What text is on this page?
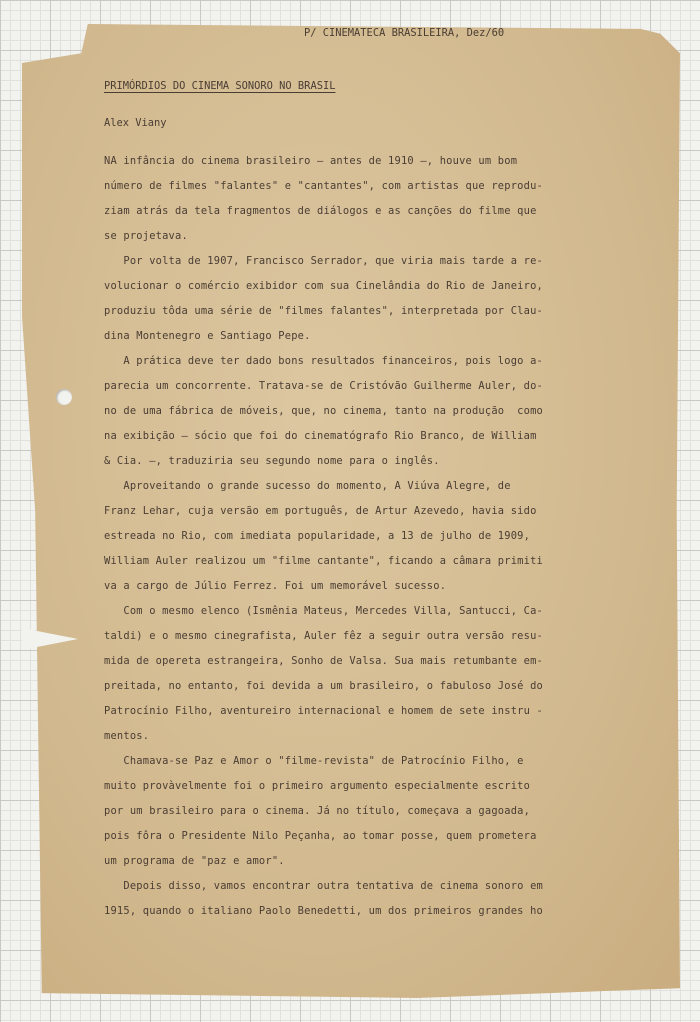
P/ CINEMATECA BRASILEIRA, Dez/60
PRIMÓRDIOS DO CINEMA SONORO NO BRASIL
Alex Viany

NA infância do cinema brasileiro — antes de 1910 —, houve um bom

número de filmes "falantes" e "cantantes", com artistas que reprodu-

ziam atrás da tela fragmentos de diálogos e as canções do filme que

se projetava.

Por volta de 1907, Francisco Serrador, que viria mais tarde a re-

volucionar o comércio exibidor com sua Cinelândia do Rio de Janeiro,

produziu tôda uma série de "filmes falantes", interpretada por Clau-

dina Montenegro e Santiago Pepe.

A prática deve ter dado bons resultados financeiros, pois logo a-

parecia um concorrente. Tratava-se de Cristóvão Guilherme Auler, do-

no de uma fábrica de móveis, que, no cinema, tanto na produção  como

na exibição — sócio que foi do cinematógrafo Rio Branco, de William

& Cia. —, traduziria seu segundo nome para o inglês.

Aproveitando o grande sucesso do momento, A Viúva Alegre, de

Franz Lehar, cuja versão em português, de Artur Azevedo, havia sido

estreada no Rio, com imediata popularidade, a 13 de julho de 1909,

William Auler realizou um "filme cantante", ficando a câmara primiti

va a cargo de Júlio Ferrez. Foi um memorável sucesso.

Com o mesmo elenco (Ismênia Mateus, Mercedes Villa, Santucci, Ca-

taldi) e o mesmo cinegrafista, Auler fêz a seguir outra versão resu-

mida de opereta estrangeira, Sonho de Valsa. Sua mais retumbante em-

preitada, no entanto, foi devida a um brasileiro, o fabuloso José do

Patrocínio Filho, aventureiro internacional e homem de sete instru -

mentos.

Chamava-se Paz e Amor o "filme-revista" de Patrocínio Filho, e

muito provàvelmente foi o primeiro argumento especialmente escrito

por um brasileiro para o cinema. Já no título, começava a gagoada,

pois fôra o Presidente Nilo Peçanha, ao tomar posse, quem prometera

um programa de "paz e amor".

Depois disso, vamos encontrar outra tentativa de cinema sonoro em

1915, quando o italiano Paolo Benedetti, um dos primeiros grandes ho
